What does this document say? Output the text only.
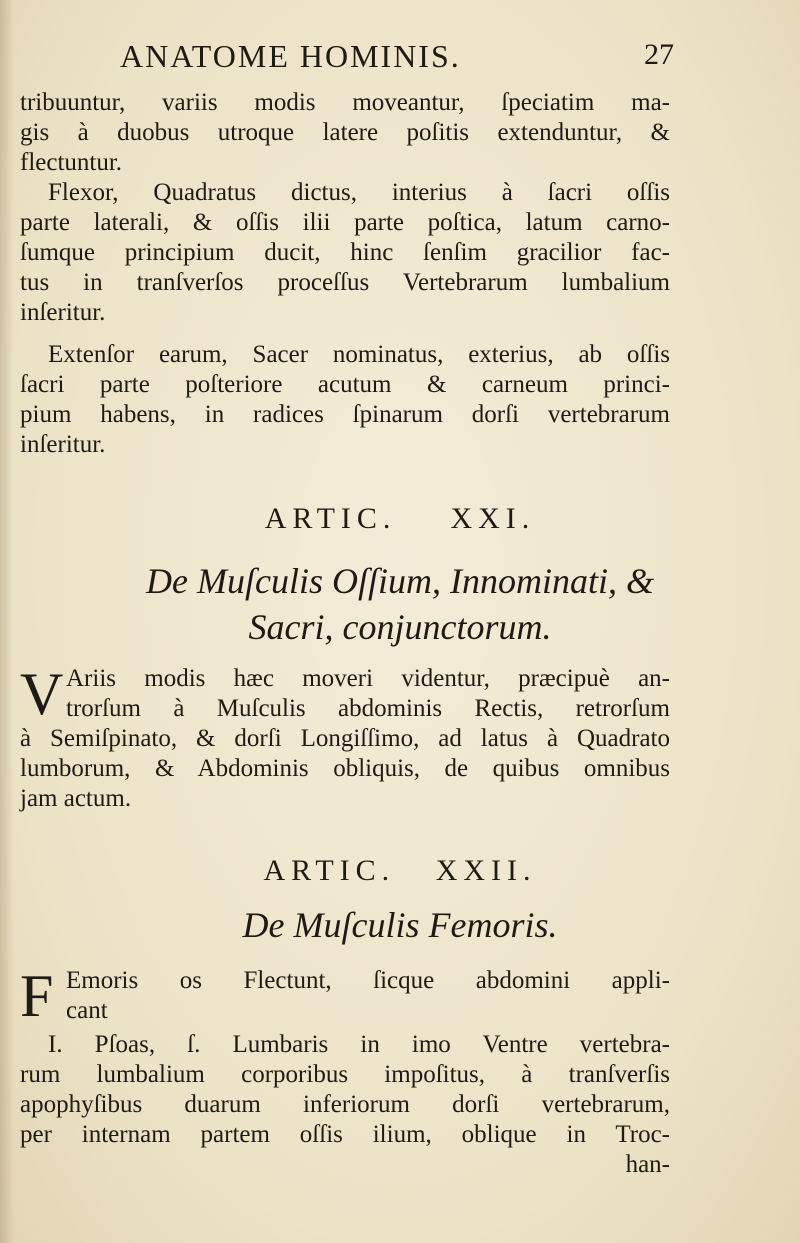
ANATOME HOMINIS.	27
tribuuntur, variis modis moveantur, ſpeciatim ma-
gis à duobus utroque latere poſitis extenduntur, &
flectuntur.
Flexor, Quadratus dictus, interius à ſacri oſſis
parte laterali, & oſſis ilii parte poſtica, latum carno-
ſumque principium ducit, hinc ſenſim gracilior fac-
tus in tranſverſos proceſſus Vertebrarum lumbalium
inſeritur.
Extenſor earum, Sacer nominatus, exterius, ab oſſis
ſacri parte poſteriore acutum & carneum princi-
pium habens, in radices ſpinarum dorſi vertebrarum
inſeritur.
ARTIC. XXI.
De Muſculis Oſſium, Innominati, &
Sacri, conjunctorum.
V Ariis modis hæc moveri videntur, præcipuè an-
trorſum à Muſculis abdominis Rectis, retrorſum
à Semiſpinato, & dorſi Longiſſimo, ad latus à Quadrato
lumborum, & Abdominis obliquis, de quibus omnibus
jam actum.
ARTIC. XXII.
De Muſculis Femoris.
F Emoris os Flectunt, ſicque abdomini appli-
cant
I. Pſoas, ſ. Lumbaris in imo Ventre vertebra-
rum lumbalium corporibus impoſitus, à tranſverſis
apophyſibus duarum inferiorum dorſi vertebrarum,
per internam partem oſſis ilium, oblique in Troc-
han-
